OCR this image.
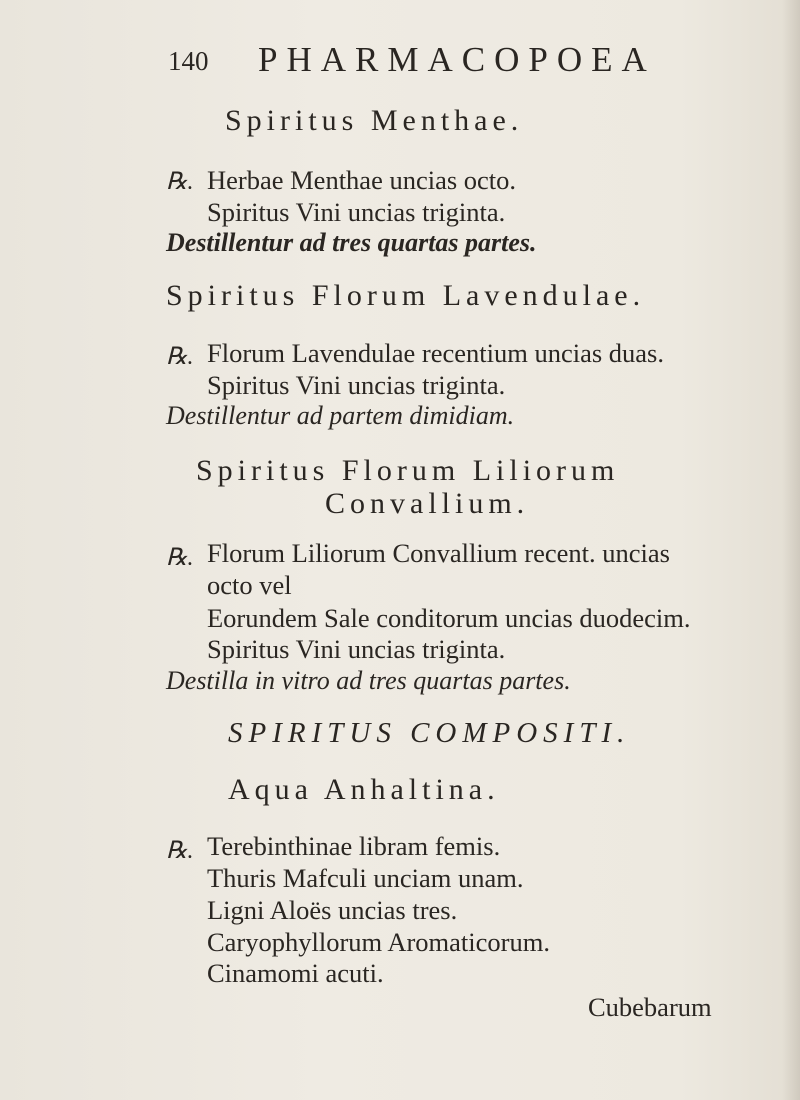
140 PHARMACOPOEA
Spiritus Menthae.
℞. Herbae Menthae uncias octo.
Spiritus Vini uncias triginta.
Destillentur ad tres quartas partes.
Spiritus Florum Lavendulae.
℞. Florum Lavendulae recentium uncias duas.
Spiritus Vini uncias triginta.
Destillentur ad partem dimidiam.
Spiritus Florum Liliorum
Convallium.
℞. Florum Liliorum Convallium recent. uncias
octo vel
Eorundem Sale conditorum uncias duodecim.
Spiritus Vini uncias triginta.
Destilla in vitro ad tres quartas partes.
SPIRITUS COMPOSITI.
Aqua Anhaltina.
℞. Terebinthinae libram femis.
Thuris Mafculi unciam unam.
Ligni Aloës uncias tres.
Caryophyllorum Aromaticorum.
Cinamomi acuti.
Cubebarum
